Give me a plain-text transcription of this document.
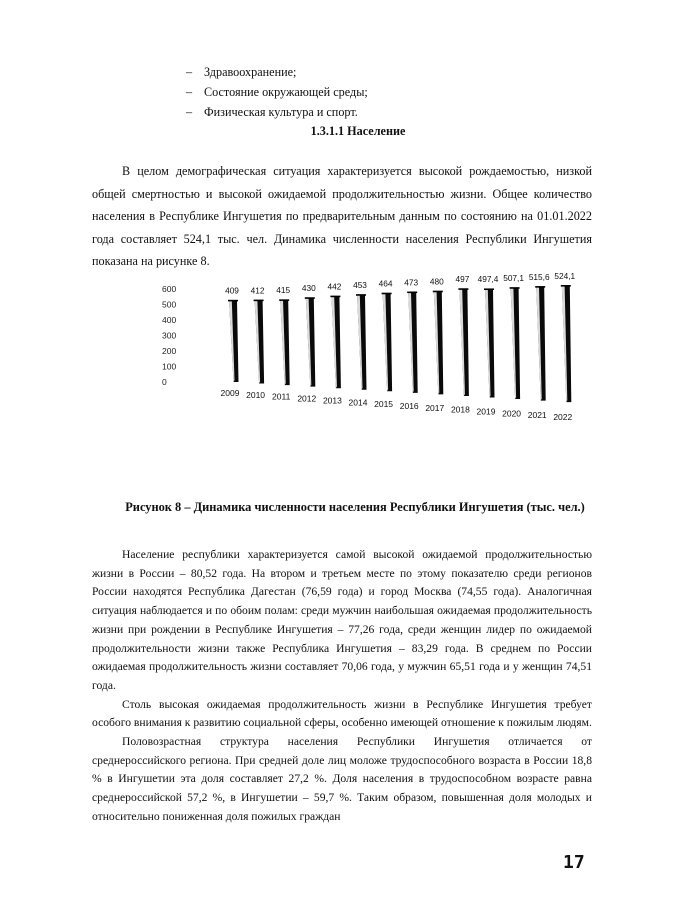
– Здравоохранение;
– Состояние окружающей среды;
– Физическая культура и спорт.
1.3.1.1 Население
В целом демографическая ситуация характеризуется высокой рождаемостью, низкой общей смертностью и высокой ожидаемой продолжительностью жизни. Общее количество населения в Республике Ингушетия по предварительным данным по состоянию на 01.01.2022 года составляет 524,1 тыс. чел. Динамика численности населения Республики Ингушетия показана на рисунке 8.
0
100
200
300
400
500
600	409
2009
412
2010
415
2011
430
2012
442
2013
453
2014
464
2015
473
2016
480
2017
497
2018
497,4
2019
507,1
2020
515,6
2021
524,1
2022
Рисунок 8 – Динамика численности населения Республики Ингушетия (тыс. чел.)

Население республики характеризуется самой высокой ожидаемой продолжительностью жизни в России – 80,52 года. На втором и третьем месте по этому показателю среди регионов России находятся Республика Дагестан (76,59 года) и город Москва (74,55 года). Аналогичная ситуация наблюдается и по обоим полам: среди мужчин наибольшая ожидаемая продолжительность жизни при рождении в Республике Ингушетия – 77,26 года, среди женщин лидер по ожидаемой продолжительности жизни также Республика Ингушетия – 83,29 года. В среднем по России ожидаемая продолжительность жизни составляет 70,06 года, у мужчин 65,51 года и у женщин 74,51 года.

Столь высокая ожидаемая продолжительность жизни в Республике Ингушетия требует особого внимания к развитию социальной сферы, особенно имеющей отношение к пожилым людям.

Половозрастная структура населения Республики Ингушетия отличается от среднероссийского региона. При средней доле лиц моложе трудоспособного возраста в России 18,8 % в Ингушетии эта доля составляет 27,2 %. Доля населения в трудоспособном возрасте равна среднероссийской 57,2 %, в Ингушетии – 59,7 %. Таким образом, повышенная доля молодых и относительно пониженная доля пожилых граждан

17
